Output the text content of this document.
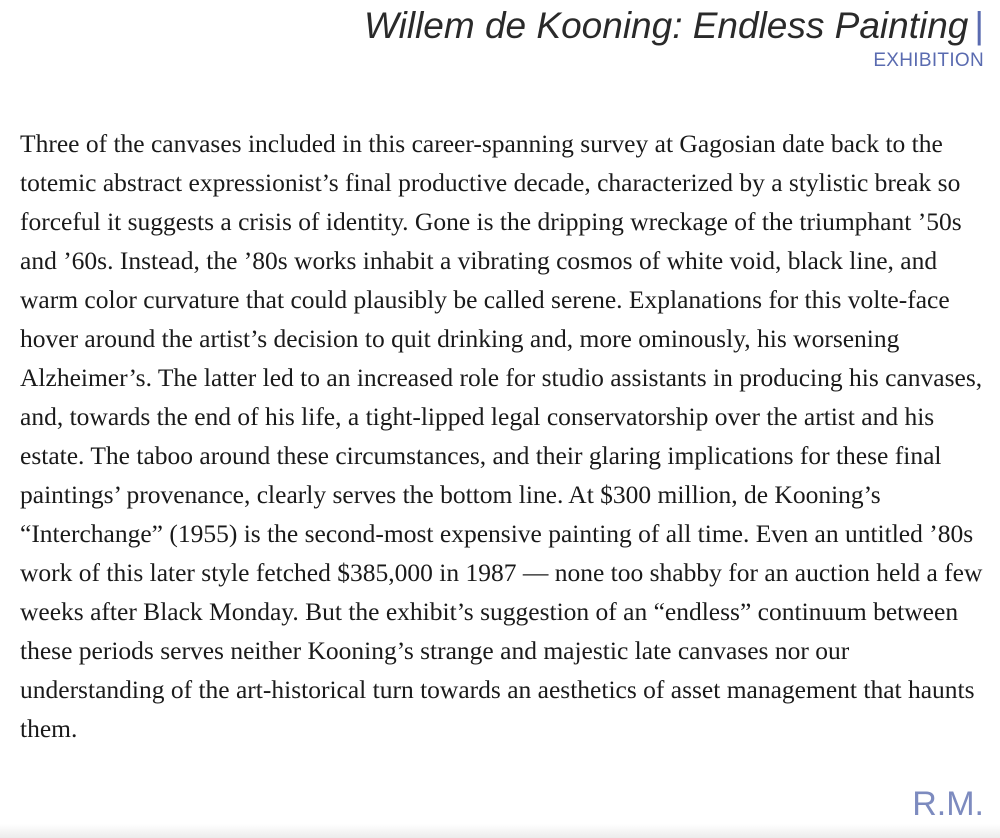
Willem de Kooning: Endless Painting |
EXHIBITION

Three of the canvases included in this career-spanning survey at Gagosian date back to the totemic abstract expressionist’s final productive decade, characterized by a stylistic break so forceful it suggests a crisis of identity. Gone is the dripping wreckage of the triumphant ’50s and ’60s. Instead, the ’80s works inhabit a vibrating cosmos of white void, black line, and warm color curvature that could plausibly be called serene. Explanations for this volte-face hover around the artist’s decision to quit drinking and, more ominously, his worsening Alzheimer’s. The latter led to an increased role for studio assistants in producing his canvases, and, towards the end of his life, a tight-lipped legal conservatorship over the artist and his estate. The taboo around these circumstances, and their glaring implications for these final paintings’ provenance, clearly serves the bottom line. At $300 million, de Kooning’s “Interchange” (1955) is the second-most expensive painting of all time. Even an untitled ’80s work of this later style fetched $385,000 in 1987 — none too shabby for an auction held a few weeks after Black Monday. But the exhibit’s suggestion of an “endless” continuum between these periods serves neither Kooning’s strange and majestic late canvases nor our understanding of the art-historical turn towards an aesthetics of asset management that haunts them.

R.M.
